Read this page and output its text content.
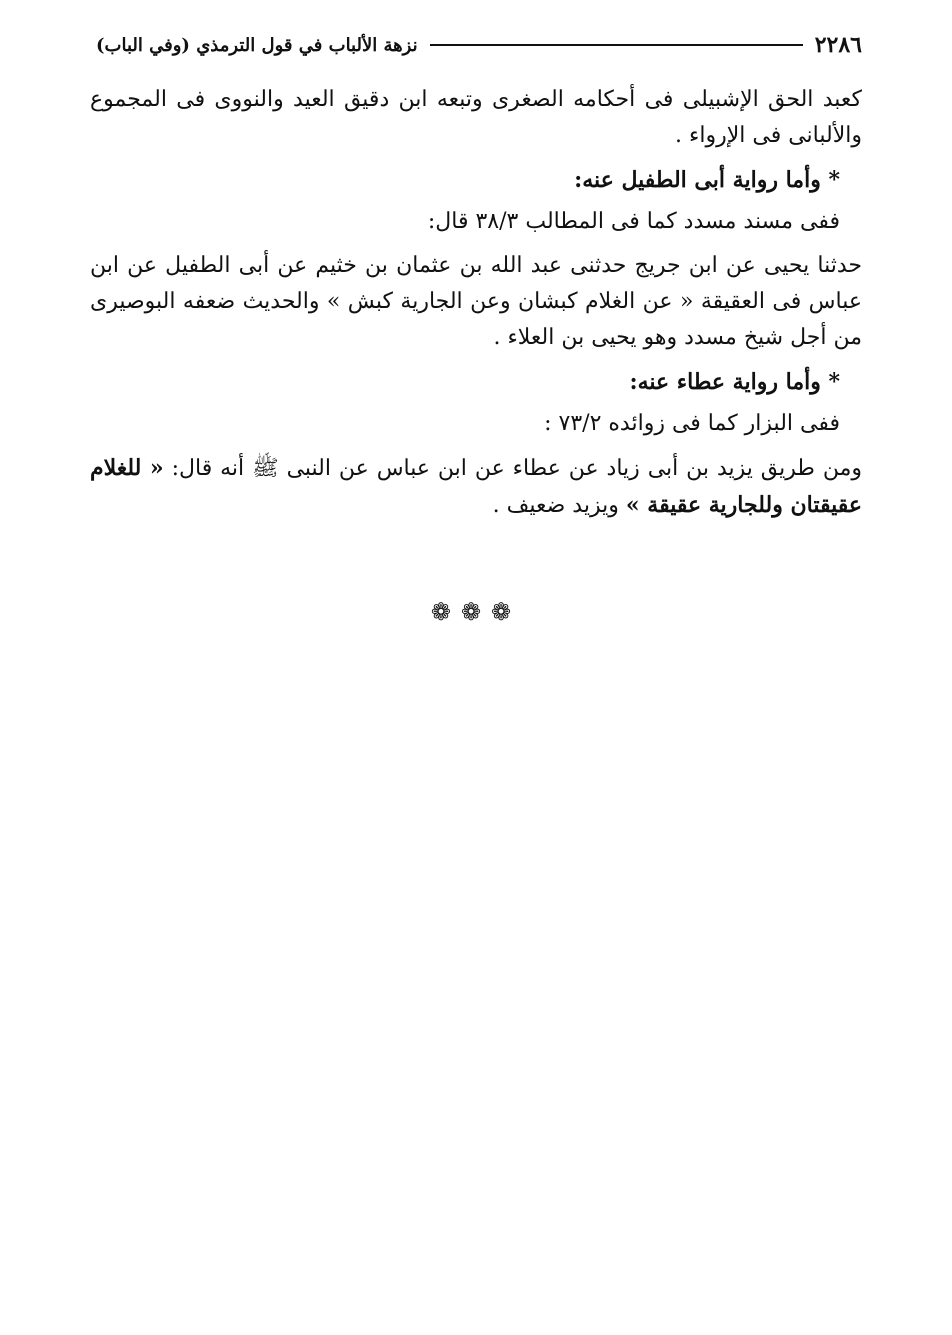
٢٢٨٦
نزهة الألباب في قول الترمذي (وفي الباب)

كعبد الحق الإشبيلى فى أحكامه الصغرى وتبعه ابن دقيق العيد والنووى فى المجموع والألبانى فى الإرواء .

* وأما رواية أبى الطفيل عنه:

ففى مسند مسدد كما فى المطالب ٣٨/٣ قال:

حدثنا يحيى عن ابن جريج حدثنى عبد الله بن عثمان بن خثيم عن أبى الطفيل عن ابن عباس فى العقيقة « عن الغلام كبشان وعن الجارية كبش » والحديث ضعفه البوصيرى من أجل شيخ مسدد وهو يحيى بن العلاء .

* وأما رواية عطاء عنه:

ففى البزار كما فى زوائده ٧٣/٢ :

ومن طريق يزيد بن أبى زياد عن عطاء عن ابن عباس عن النبى ﷺ أنه قال: « للغلام عقيقتان وللجارية عقيقة » ويزيد ضعيف .

❁❁❁
